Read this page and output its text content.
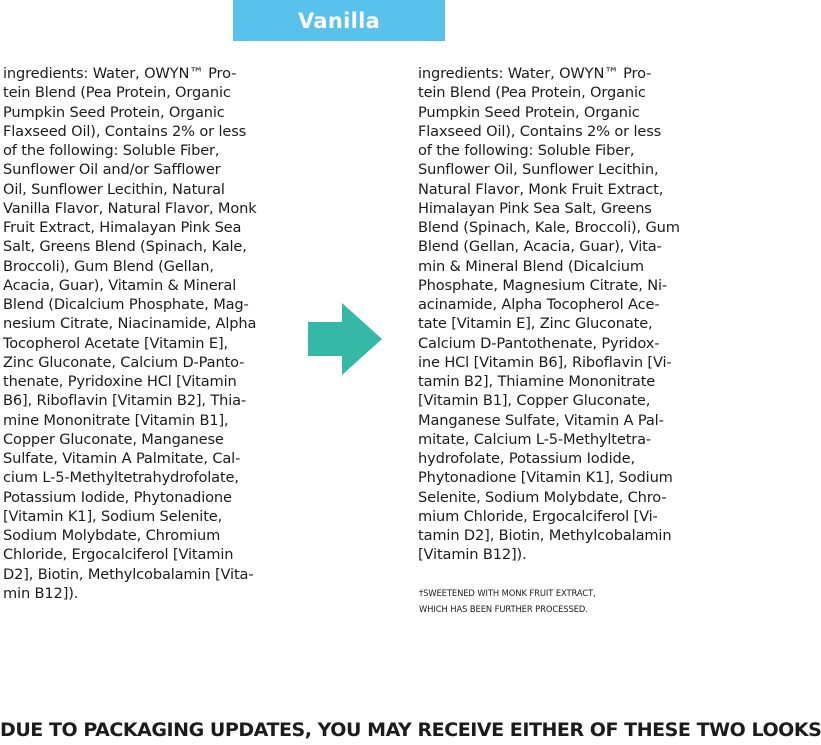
Vanilla
ingredients: Water, OWYN™ Pro-
tein Blend (Pea Protein, Organic
Pumpkin Seed Protein, Organic
Flaxseed Oil), Contains 2% or less
of the following: Soluble Fiber,
Sunflower Oil and/or Safflower
Oil, Sunflower Lecithin, Natural
Vanilla Flavor, Natural Flavor, Monk
Fruit Extract, Himalayan Pink Sea
Salt, Greens Blend (Spinach, Kale,
Broccoli), Gum Blend (Gellan,
Acacia, Guar), Vitamin & Mineral
Blend (Dicalcium Phosphate, Mag-
nesium Citrate, Niacinamide, Alpha
Tocopherol Acetate [Vitamin E],
Zinc Gluconate, Calcium D-Panto-
thenate, Pyridoxine HCl [Vitamin
B6], Riboflavin [Vitamin B2], Thia-
mine Mononitrate [Vitamin B1],
Copper Gluconate, Manganese
Sulfate, Vitamin A Palmitate, Cal-
cium L-5-Methyltetrahydrofolate,
Potassium Iodide, Phytonadione
[Vitamin K1], Sodium Selenite,
Sodium Molybdate, Chromium
Chloride, Ergocalciferol [Vitamin
D2], Biotin, Methylcobalamin [Vita-
min B12]).
ingredients: Water, OWYN™ Pro-
tein Blend (Pea Protein, Organic
Pumpkin Seed Protein, Organic
Flaxseed Oil), Contains 2% or less
of the following: Soluble Fiber,
Sunflower Oil, Sunflower Lecithin,
Natural Flavor, Monk Fruit Extract,
Himalayan Pink Sea Salt, Greens
Blend (Spinach, Kale, Broccoli), Gum
Blend (Gellan, Acacia, Guar), Vita-
min & Mineral Blend (Dicalcium
Phosphate, Magnesium Citrate, Ni-
acinamide, Alpha Tocopherol Ace-
tate [Vitamin E], Zinc Gluconate,
Calcium D-Pantothenate, Pyridox-
ine HCl [Vitamin B6], Riboflavin [Vi-
tamin B2], Thiamine Mononitrate
[Vitamin B1], Copper Gluconate,
Manganese Sulfate, Vitamin A Pal-
mitate, Calcium L-5-Methyltetra-
hydrofolate, Potassium Iodide,
Phytonadione [Vitamin K1], Sodium
Selenite, Sodium Molybdate, Chro-
mium Chloride, Ergocalciferol [Vi-
tamin D2], Biotin, Methylcobalamin
[Vitamin B12]).
†SWEETENED WITH MONK FRUIT EXTRACT,
WHICH HAS BEEN FURTHER PROCESSED.
DUE TO PACKAGING UPDATES, YOU MAY RECEIVE EITHER OF THESE TWO LOOKS
